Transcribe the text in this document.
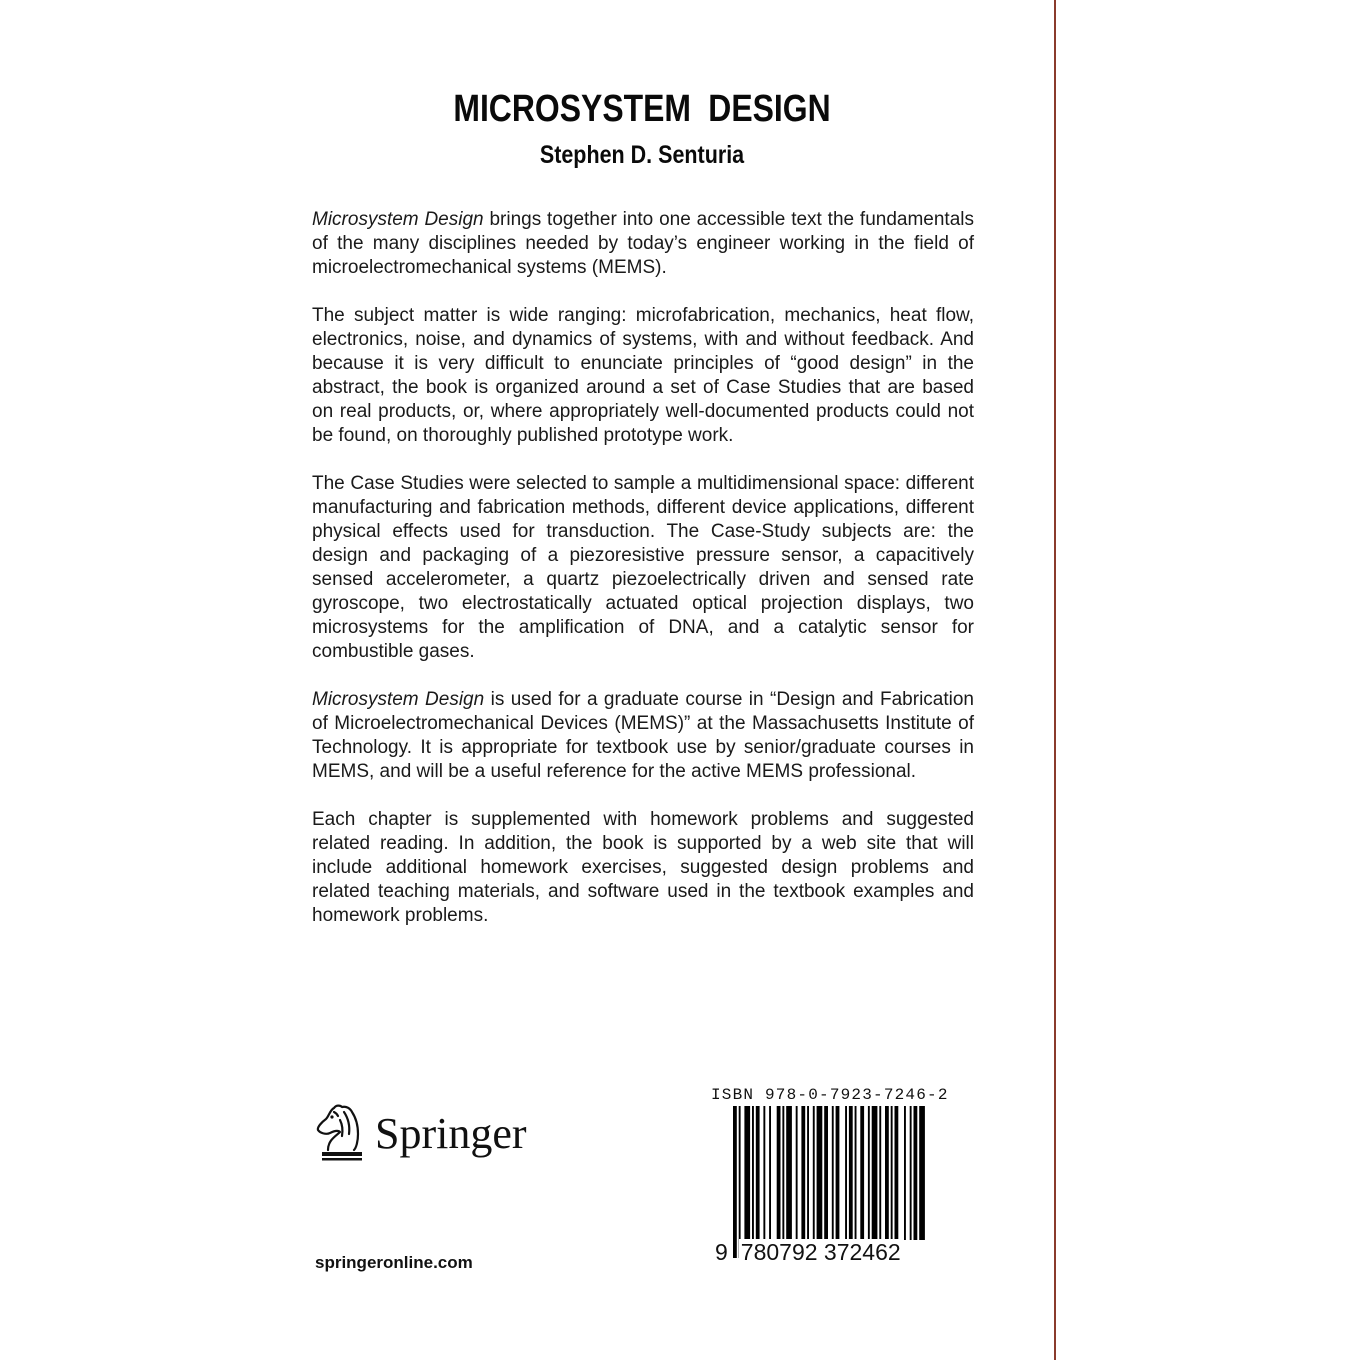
MICROSYSTEM DESIGN
Stephen D. Senturia

Microsystem Design brings together into one accessible text the fundamentals of the many disciplines needed by today’s engineer working in the field of microelectromechanical systems (MEMS).

The subject matter is wide ranging: microfabrication, mechanics, heat flow, electronics, noise, and dynamics of systems, with and without feedback. And because it is very difficult to enunciate principles of “good design” in the abstract, the book is organized around a set of Case Studies that are based on real products, or, where appropriately well-documented products could not be found, on thoroughly published prototype work.

The Case Studies were selected to sample a multidimensional space: different manufacturing and fabrication methods, different device applications, different physical effects used for transduction. The Case-Study subjects are: the design and packaging of a piezoresistive pressure sensor, a capacitively sensed accelerometer, a quartz piezoelectrically driven and sensed rate gyroscope, two electrostatically actuated optical projection displays, two microsystems for the amplification of DNA, and a catalytic sensor for combustible gases.

Microsystem Design is used for a graduate course in “Design and Fabrication of Microelectromechanical Devices (MEMS)” at the Massachusetts Institute of Technology. It is appropriate for textbook use by senior/graduate courses in MEMS, and will be a useful reference for the active MEMS professional.

Each chapter is supplemented with homework problems and suggested related reading. In addition, the book is supported by a web site that will include additional homework exercises, suggested design problems and related teaching materials, and software used in the textbook examples and homework problems.

Springer
springeronline.com
ISBN 978-0-7923-7246-2
9 780792 372462
